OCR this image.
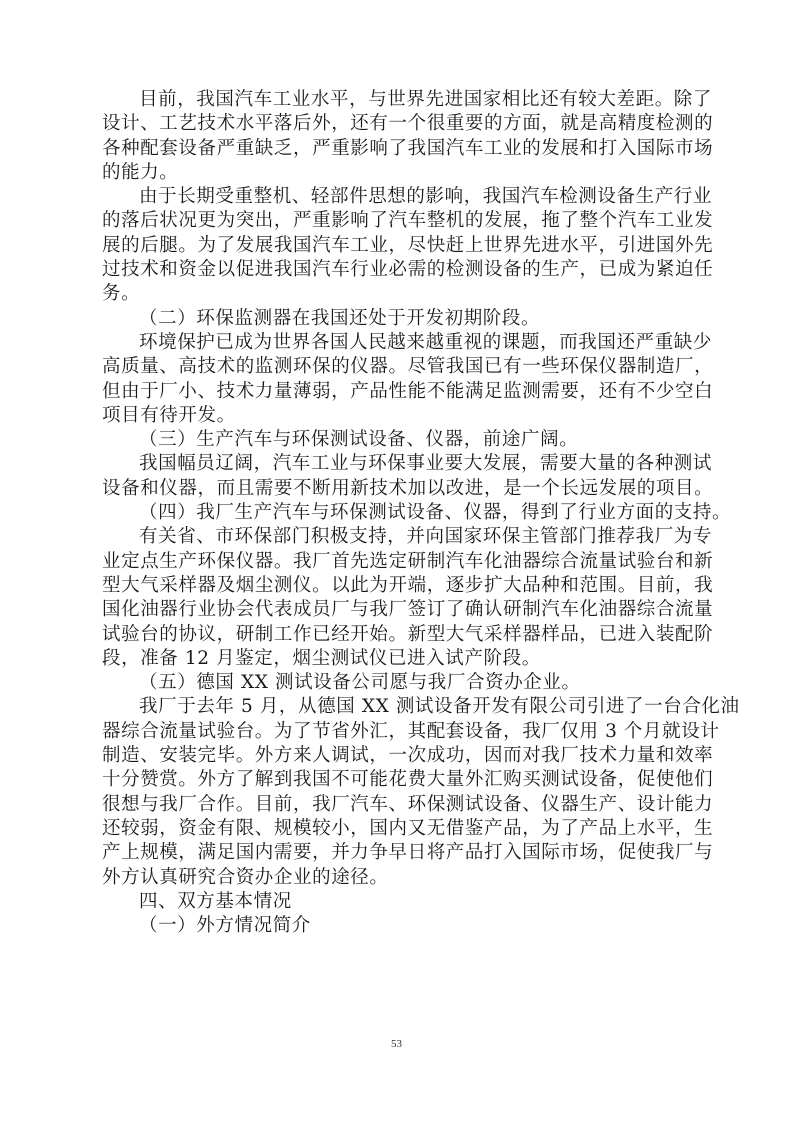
目前，我国汽车工业水平，与世界先进国家相比还有较大差距。除了
设计、工艺技术水平落后外，还有一个很重要的方面，就是高精度检测的
各种配套设备严重缺乏，严重影响了我国汽车工业的发展和打入国际市场
的能力。
由于长期受重整机、轻部件思想的影响，我国汽车检测设备生产行业
的落后状况更为突出，严重影响了汽车整机的发展，拖了整个汽车工业发
展的后腿。为了发展我国汽车工业，尽快赶上世界先进水平，引进国外先
过技术和资金以促进我国汽车行业必需的检测设备的生产，已成为紧迫任
务。
（二）环保监测器在我国还处于开发初期阶段。
环境保护已成为世界各国人民越来越重视的课题，而我国还严重缺少
高质量、高技术的监测环保的仪器。尽管我国已有一些环保仪器制造厂，
但由于厂小、技术力量薄弱，产品性能不能满足监测需要，还有不少空白
项目有待开发。
（三）生产汽车与环保测试设备、仪器，前途广阔。
我国幅员辽阔，汽车工业与环保事业要大发展，需要大量的各种测试
设备和仪器，而且需要不断用新技术加以改进，是一个长远发展的项目。
（四）我厂生产汽车与环保测试设备、仪器，得到了行业方面的支持。
有关省、市环保部门积极支持，并向国家环保主管部门推荐我厂为专
业定点生产环保仪器。我厂首先选定研制汽车化油器综合流量试验台和新
型大气采样器及烟尘测仪。以此为开端，逐步扩大品种和范围。目前，我
国化油器行业协会代表成员厂与我厂签订了确认研制汽车化油器综合流量
试验台的协议，研制工作已经开始。新型大气采样器样品，已进入装配阶
段，准备 12 月鉴定，烟尘测试仪已进入试产阶段。
（五）德国 XX 测试设备公司愿与我厂合资办企业。
我厂于去年 5 月，从德国 XX 测试设备开发有限公司引进了一台合化油
器综合流量试验台。为了节省外汇，其配套设备，我厂仅用 3 个月就设计
制造、安装完毕。外方来人调试，一次成功，因而对我厂技术力量和效率
十分赞赏。外方了解到我国不可能花费大量外汇购买测试设备，促使他们
很想与我厂合作。目前，我厂汽车、环保测试设备、仪器生产、设计能力
还较弱，资金有限、规模较小，国内又无借鉴产品，为了产品上水平，生
产上规模，满足国内需要，并力争早日将产品打入国际市场，促使我厂与
外方认真研究合资办企业的途径。
四、双方基本情况
（一）外方情况简介
53
